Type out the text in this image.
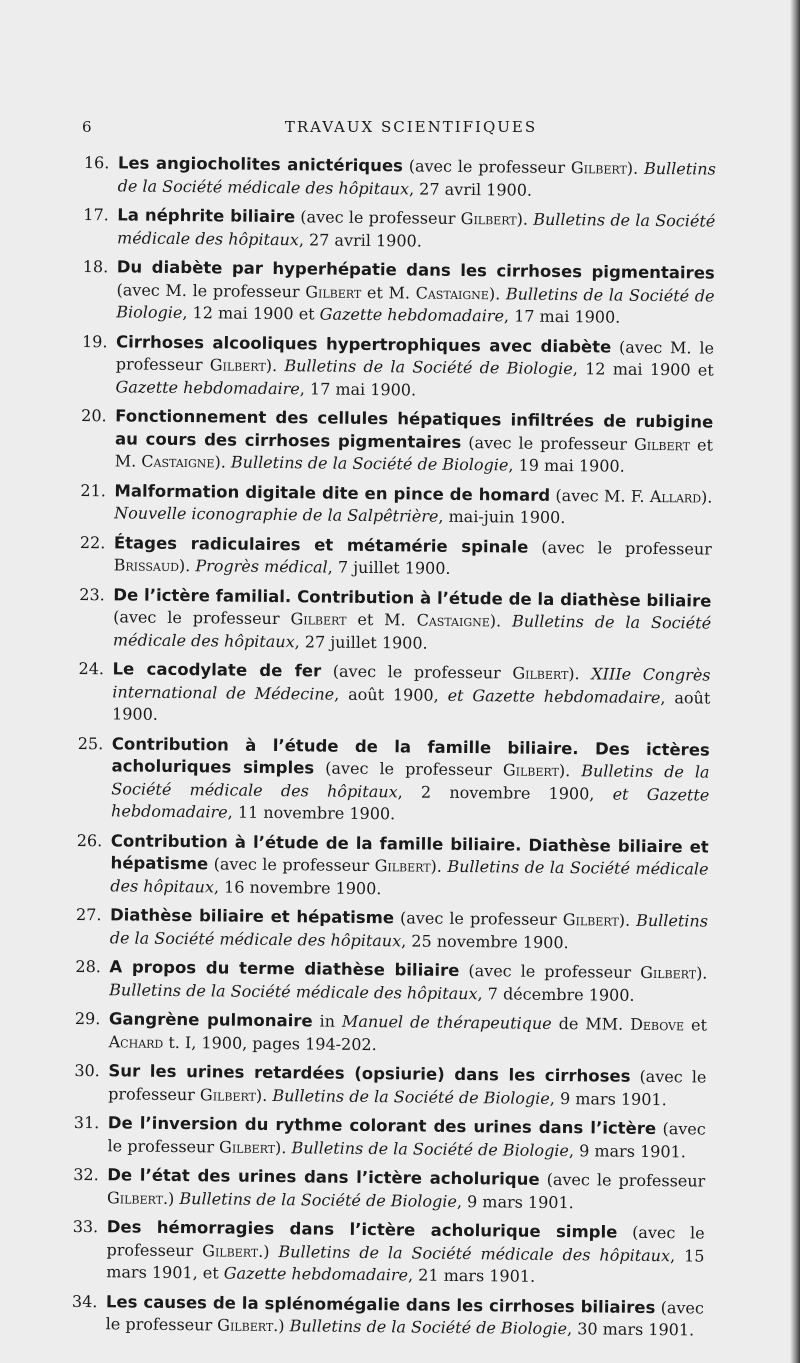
6	TRAVAUX SCIENTIFIQUES
16. Les angiocholites anictériques (avec le professeur Gilbert). Bulletins de la Société médicale des hôpitaux, 27 avril 1900.
17. La néphrite biliaire (avec le professeur Gilbert). Bulletins de la Société médicale des hôpitaux, 27 avril 1900.
18. Du diabète par hyperhépatie dans les cirrhoses pigmentaires (avec M. le professeur Gilbert et M. Castaigne). Bulletins de la Société de Biologie, 12 mai 1900 et Gazette hebdomadaire, 17 mai 1900.
19. Cirrhoses alcooliques hypertrophiques avec diabète (avec M. le professeur Gilbert). Bulletins de la Société de Biologie, 12 mai 1900 et Gazette hebdomadaire, 17 mai 1900.
20. Fonctionnement des cellules hépatiques infiltrées de rubigine au cours des cirrhoses pigmentaires (avec le professeur Gilbert et M. Castaigne). Bulletins de la Société de Biologie, 19 mai 1900.
21. Malformation digitale dite en pince de homard (avec M. F. Allard). Nouvelle iconographie de la Salpêtrière, mai-juin 1900.
22. Étages radiculaires et métamérie spinale (avec le professeur Brissaud). Progrès médical, 7 juillet 1900.
23. De l’ictère familial. Contribution à l’étude de la diathèse biliaire (avec le professeur Gilbert et M. Castaigne). Bulletins de la Société médicale des hôpitaux, 27 juillet 1900.
24. Le cacodylate de fer (avec le professeur Gilbert). XIIIe Congrès international de Médecine, août 1900, et Gazette hebdomadaire, août 1900.
25. Contribution à l’étude de la famille biliaire. Des ictères acholuriques simples (avec le professeur Gilbert). Bulletins de la Société médicale des hôpitaux, 2 novembre 1900, et Gazette hebdomadaire, 11 novembre 1900.
26. Contribution à l’étude de la famille biliaire. Diathèse biliaire et hépatisme (avec le professeur Gilbert). Bulletins de la Société médicale des hôpitaux, 16 novembre 1900.
27. Diathèse biliaire et hépatisme (avec le professeur Gilbert). Bulletins de la Société médicale des hôpitaux, 25 novembre 1900.
28. A propos du terme diathèse biliaire (avec le professeur Gilbert). Bulletins de la Société médicale des hôpitaux, 7 décembre 1900.
29. Gangrène pulmonaire in Manuel de thérapeutique de MM. Debove et Achard t. I, 1900, pages 194-202.
30. Sur les urines retardées (opsiurie) dans les cirrhoses (avec le professeur Gilbert). Bulletins de la Société de Biologie, 9 mars 1901.
31. De l’inversion du rythme colorant des urines dans l’ictère (avec le professeur Gilbert). Bulletins de la Société de Biologie, 9 mars 1901.
32. De l’état des urines dans l’ictère acholurique (avec le professeur Gilbert.) Bulletins de la Société de Biologie, 9 mars 1901.
33. Des hémorragies dans l’ictère acholurique simple (avec le professeur Gilbert.) Bulletins de la Société médicale des hôpitaux, 15 mars 1901, et Gazette hebdomadaire, 21 mars 1901.
34. Les causes de la splénomégalie dans les cirrhoses biliaires (avec le professeur Gilbert.) Bulletins de la Société de Biologie, 30 mars 1901.
